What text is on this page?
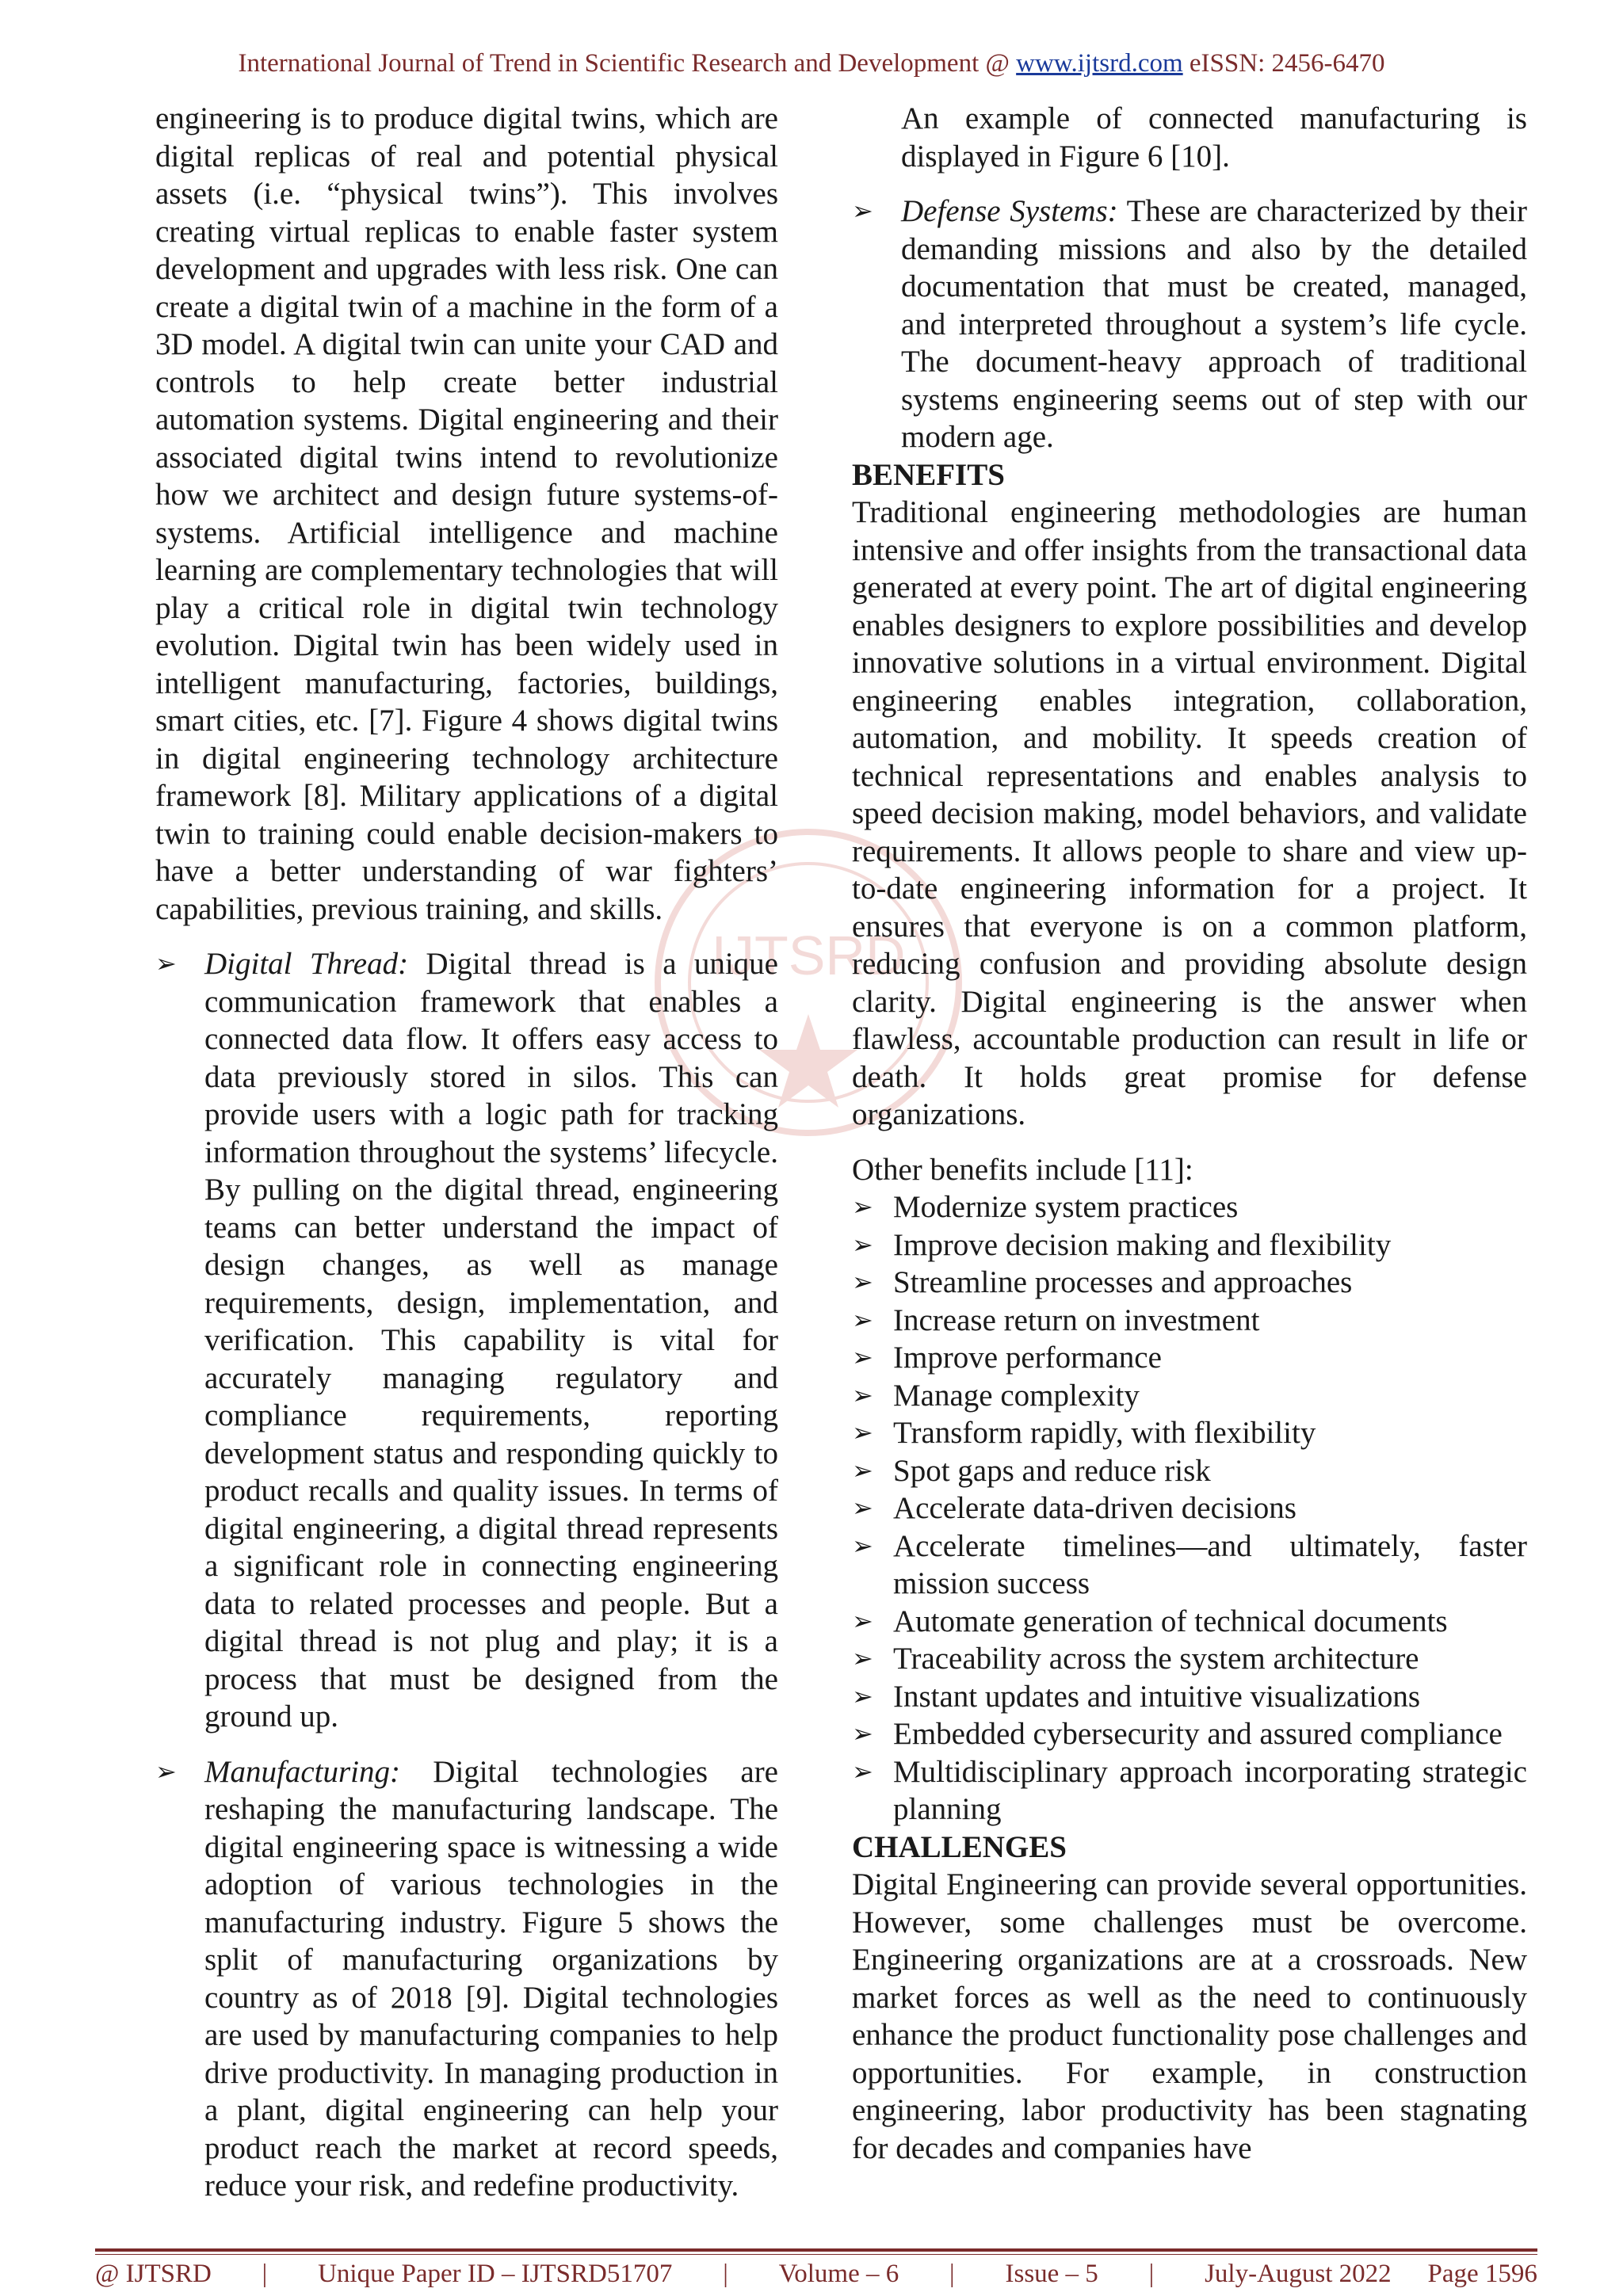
International Journal of Trend in Scientific Research and Development @ www.ijtsrd.com eISSN: 2456-6470
IJTSRD

engineering is to produce digital twins, which are digital replicas of real and potential physical assets (i.e. “physical twins”). This involves creating virtual replicas to enable faster system development and upgrades with less risk. One can create a digital twin of a machine in the form of a 3D model. A digital twin can unite your CAD and controls to help create better industrial automation systems. Digital engineering and their associated digital twins intend to revolutionize how we architect and design future systems-of-systems. Artificial intelligence and machine learning are complementary technologies that will play a critical role in digital twin technology evolution. Digital twin has been widely used in intelligent manufacturing, factories, buildings, smart cities, etc. [7]. Figure 4 shows digital twins in digital engineering technology architecture framework [8]. Military applications of a digital twin to training could enable decision-makers to have a better understanding of war fighters’ capabilities, previous training, and skills.

➢ Digital Thread: Digital thread is a unique communication framework that enables a connected data flow. It offers easy access to data previously stored in silos. This can provide users with a logic path for tracking information throughout the systems’ lifecycle. By pulling on the digital thread, engineering teams can better understand the impact of design changes, as well as manage requirements, design, implementation, and verification. This capability is vital for accurately managing regulatory and compliance requirements, reporting development status and responding quickly to product recalls and quality issues. In terms of digital engineering, a digital thread represents a significant role in connecting engineering data to related processes and people. But a digital thread is not plug and play; it is a process that must be designed from the ground up.

➢ Manufacturing: Digital technologies are reshaping the manufacturing landscape. The digital engineering space is witnessing a wide adoption of various technologies in the manufacturing industry. Figure 5 shows the split of manufacturing organizations by country as of 2018 [9]. Digital technologies are used by manufacturing companies to help drive productivity. In managing production in a plant, digital engineering can help your product reach the market at record speeds, reduce your risk, and redefine productivity.

An example of connected manufacturing is displayed in Figure 6 [10].

➢ Defense Systems: These are characterized by their demanding missions and also by the detailed documentation that must be created, managed, and interpreted throughout a system’s life cycle. The document-heavy approach of traditional systems engineering seems out of step with our modern age.

BENEFITS

Traditional engineering methodologies are human intensive and offer insights from the transactional data generated at every point. The art of digital engineering enables designers to explore possibilities and develop innovative solutions in a virtual environment. Digital engineering enables integration, collaboration, automation, and mobility. It speeds creation of technical representations and enables analysis to speed decision making, model behaviors, and validate requirements. It allows people to share and view up-to-date engineering information for a project. It ensures that everyone is on a common platform, reducing confusion and providing absolute design clarity. Digital engineering is the answer when flawless, accountable production can result in life or death. It holds great promise for defense organizations.

Other benefits include [11]:

➢ Modernize system practices
➢ Improve decision making and flexibility
➢ Streamline processes and approaches
➢ Increase return on investment
➢ Improve performance
➢ Manage complexity
➢ Transform rapidly, with flexibility
➢ Spot gaps and reduce risk
➢ Accelerate data-driven decisions
➢ Accelerate timelines—and ultimately, faster mission success
➢ Automate generation of technical documents
➢ Traceability across the system architecture
➢ Instant updates and intuitive visualizations
➢ Embedded cybersecurity and assured compliance
➢ Multidisciplinary approach incorporating strategic planning

CHALLENGES

Digital Engineering can provide several opportunities. However, some challenges must be overcome. Engineering organizations are at a crossroads. New market forces as well as the need to continuously enhance the product functionality pose challenges and opportunities. For example, in construction engineering, labor productivity has been stagnating for decades and companies have

@ IJTSRD | Unique Paper ID – IJTSRD51707 | Volume – 6 | Issue – 5 | July-August 2022 Page 1596
